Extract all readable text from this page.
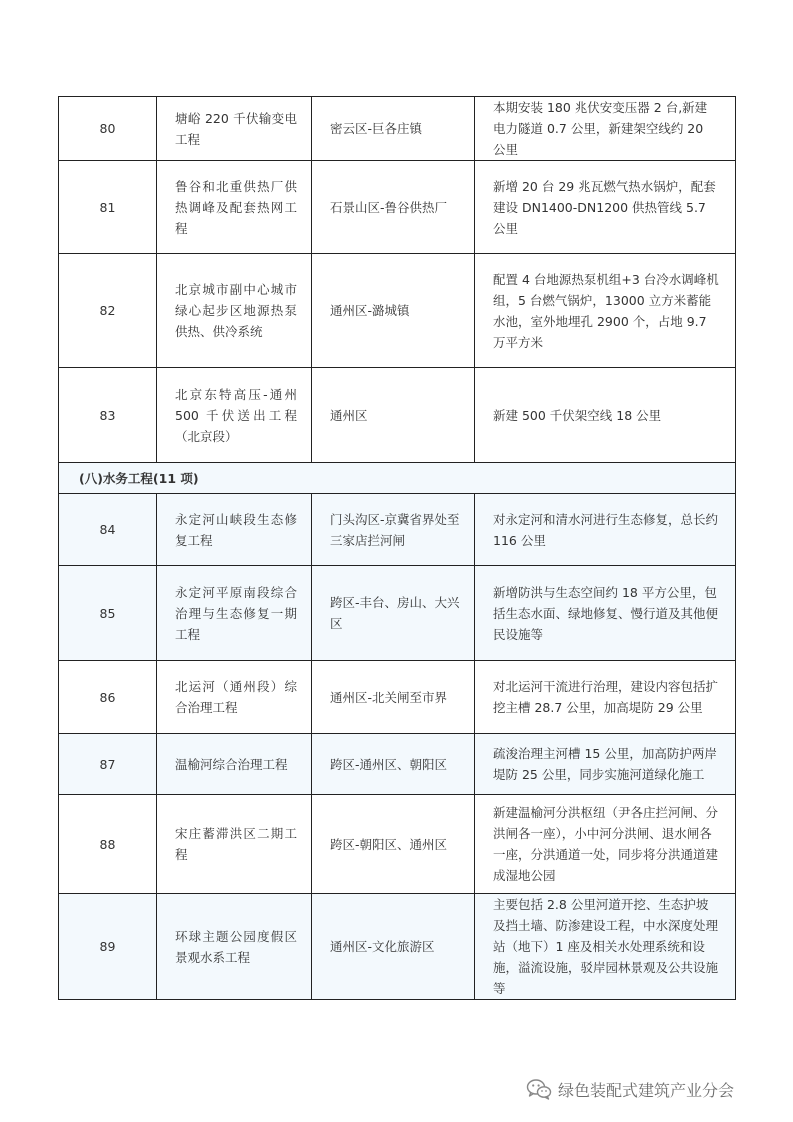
80	塘峪 220 千伏输变电工程	密云区-巨各庄镇	本期安装 180 兆伏安变压器 2 台,新建电力隧道 0.7 公里，新建架空线约 20 公里
81	鲁谷和北重供热厂供热调峰及配套热网工程	石景山区-鲁谷供热厂	新增 20 台 29 兆瓦燃气热水锅炉，配套建设 DN1400-DN1200 供热管线 5.7 公里
82	北京城市副中心城市绿心起步区地源热泵供热、供冷系统	通州区-潞城镇	配置 4 台地源热泵机组+3 台冷水调峰机组，5 台燃气锅炉，13000 立方米蓄能水池，室外地埋孔 2900 个，占地 9.7 万平方米
83	北京东特高压-通州 500 千伏送出工程（北京段）	通州区	新建 500 千伏架空线 18 公里
(八)水务工程(11 项)			
84	永定河山峡段生态修复工程	门头沟区-京冀省界处至三家店拦河闸	对永定河和清水河进行生态修复，总长约 116 公里
85	永定河平原南段综合治理与生态修复一期工程	跨区-丰台、房山、大兴区	新增防洪与生态空间约 18 平方公里，包括生态水面、绿地修复、慢行道及其他便民设施等
86	北运河（通州段）综合治理工程	通州区-北关闸至市界	对北运河干流进行治理，建设内容包括扩挖主槽 28.7 公里，加高堤防 29 公里
87	温榆河综合治理工程	跨区-通州区、朝阳区	疏浚治理主河槽 15 公里，加高防护两岸堤防 25 公里，同步实施河道绿化施工
88	宋庄蓄滞洪区二期工程	跨区-朝阳区、通州区	新建温榆河分洪枢纽（尹各庄拦河闸、分洪闸各一座），小中河分洪闸、退水闸各一座，分洪通道一处，同步将分洪通道建成湿地公园
89	环球主题公园度假区景观水系工程	通州区-文化旅游区	主要包括 2.8 公里河道开挖、生态护坡及挡土墙、防渗建设工程，中水深度处理站（地下）1 座及相关水处理系统和设施，溢流设施，驳岸园林景观及公共设施等
绿色装配式建筑产业分会
